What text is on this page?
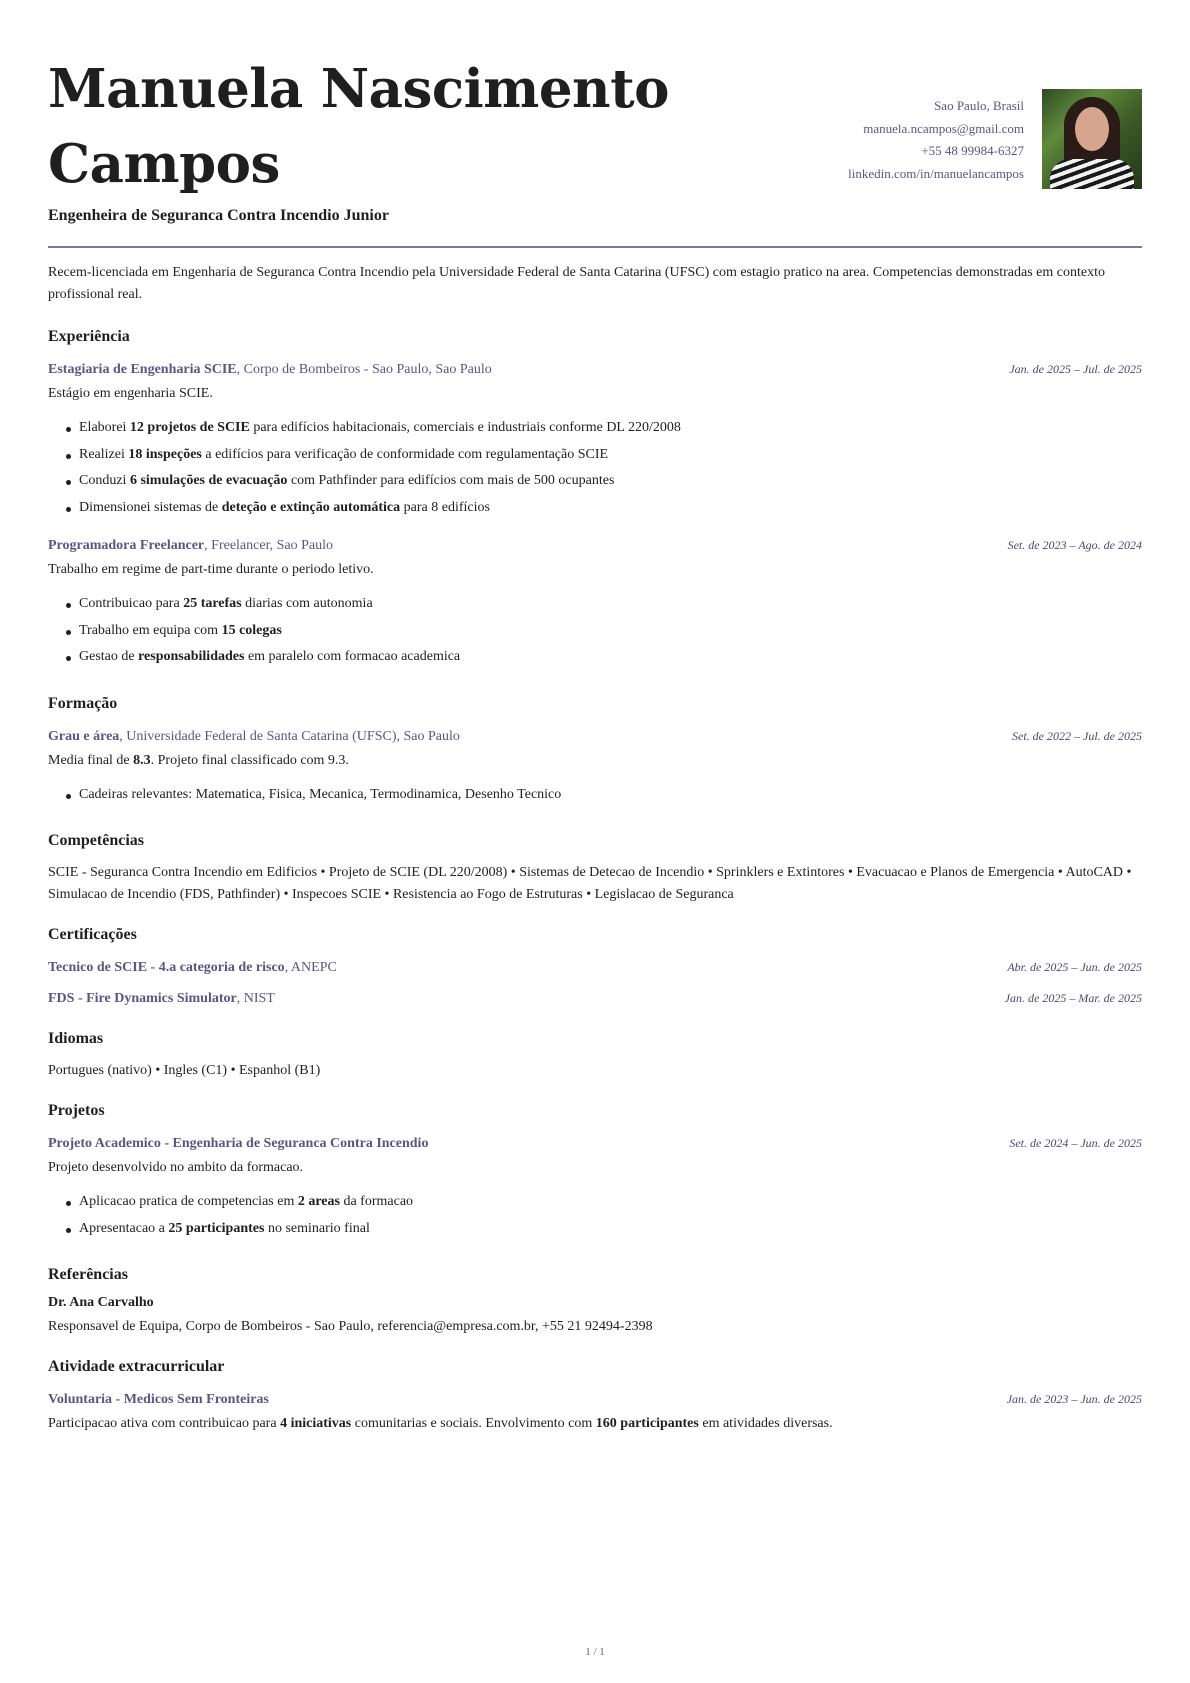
Manuela Nascimento Campos
Engenheira de Seguranca Contra Incendio Junior
Sao Paulo, Brasil
manuela.ncampos@gmail.com
+55 48 99984-6327
linkedin.com/in/manuelancampos

Recem-licenciada em Engenharia de Seguranca Contra Incendio pela Universidade Federal de Santa Catarina (UFSC) com estagio pratico na area. Competencias demonstradas em contexto profissional real.

Experiência
Estagiaria de Engenharia SCIE, Corpo de Bombeiros - Sao Paulo, Sao Paulo	Jan. de 2025 – Jul. de 2025

Estágio em engenharia SCIE.

Elaborei 12 projetos de SCIE para edifícios habitacionais, comerciais e industriais conforme DL 220/2008
Realizei 18 inspeções a edifícios para verificação de conformidade com regulamentação SCIE
Conduzi 6 simulações de evacuação com Pathfinder para edifícios com mais de 500 ocupantes
Dimensionei sistemas de deteção e extinção automática para 8 edifícios
Programadora Freelancer, Freelancer, Sao Paulo	Set. de 2023 – Ago. de 2024

Trabalho em regime de part-time durante o periodo letivo.

Contribuicao para 25 tarefas diarias com autonomia
Trabalho em equipa com 15 colegas
Gestao de responsabilidades em paralelo com formacao academica
Formação
Grau e área, Universidade Federal de Santa Catarina (UFSC), Sao Paulo	Set. de 2022 – Jul. de 2025

Media final de 8.3. Projeto final classificado com 9.3.

Cadeiras relevantes: Matematica, Fisica, Mecanica, Termodinamica, Desenho Tecnico
Competências
SCIE - Seguranca Contra Incendio em Edificios • Projeto de SCIE (DL 220/2008) • Sistemas de Detecao de Incendio • Sprinklers e Extintores • Evacuacao e Planos de Emergencia • AutoCAD • Simulacao de Incendio (FDS, Pathfinder) • Inspecoes SCIE • Resistencia ao Fogo de Estruturas • Legislacao de Seguranca
Certificações
Tecnico de SCIE - 4.a categoria de risco, ANEPC	Abr. de 2025 – Jun. de 2025
FDS - Fire Dynamics Simulator, NIST	Jan. de 2025 – Mar. de 2025
Idiomas
Portugues (nativo) • Ingles (C1) • Espanhol (B1)
Projetos
Projeto Academico - Engenharia de Seguranca Contra Incendio	Set. de 2024 – Jun. de 2025

Projeto desenvolvido no ambito da formacao.

Aplicacao pratica de competencias em 2 areas da formacao
Apresentacao a 25 participantes no seminario final
Referências
Dr. Ana Carvalho
Responsavel de Equipa, Corpo de Bombeiros - Sao Paulo, referencia@empresa.com.br, +55 21 92494-2398
Atividade extracurricular
Voluntaria - Medicos Sem Fronteiras	Jan. de 2023 – Jun. de 2025

Participacao ativa com contribuicao para 4 iniciativas comunitarias e sociais. Envolvimento com 160 participantes em atividades diversas.

1 / 1
